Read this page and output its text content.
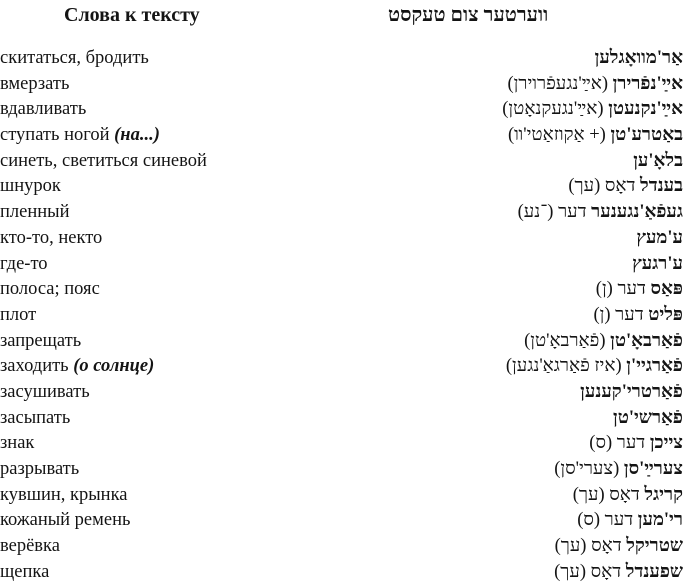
Слова к тексту	ווערטער צום טעקסט
скитаться, бродить	אַר'מוואָגלען
вмерзать	אײַ'נפֿרירן (אײַ'נגעפֿרוירן)
вдавливать	אײַ'נקנעטן (אײַ'נגעקנאָטן)
ступать ногой (на...)	באַטרע'טן (+ אַקוזאַטי'װ)
синеть, светиться синевой	בלאָ'ען
шнурок	בענדל דאָס (עך)
пленный	געפֿאַ'נגענער דער (־נע)
кто-то, некто	ע'מעץ
где-то	ע'רגעץ
полоса; пояс	פּאַס דער (ן)
плот	פּליט דער (ן)
запрещать	פֿאַרבאָ'טן (פֿאַרבאָ'טן)
заходить (о солнце)	פֿאַרגיי'ן (איז פֿאַרגאַ'נגען)
засушивать	פֿאַרטרי'קענען
засыпать	פֿאַרשי'טן
знак	צייכן דער (ס)
разрывать	צערײַ'סן (צערי'סן)
кувшин, крынка	קריגל דאָס (עך)
кожаный ремень	רי'מען דער (ס)
верёвка	שטריקל דאָס (עך)
щепка	שפענדל דאָס (עך)
